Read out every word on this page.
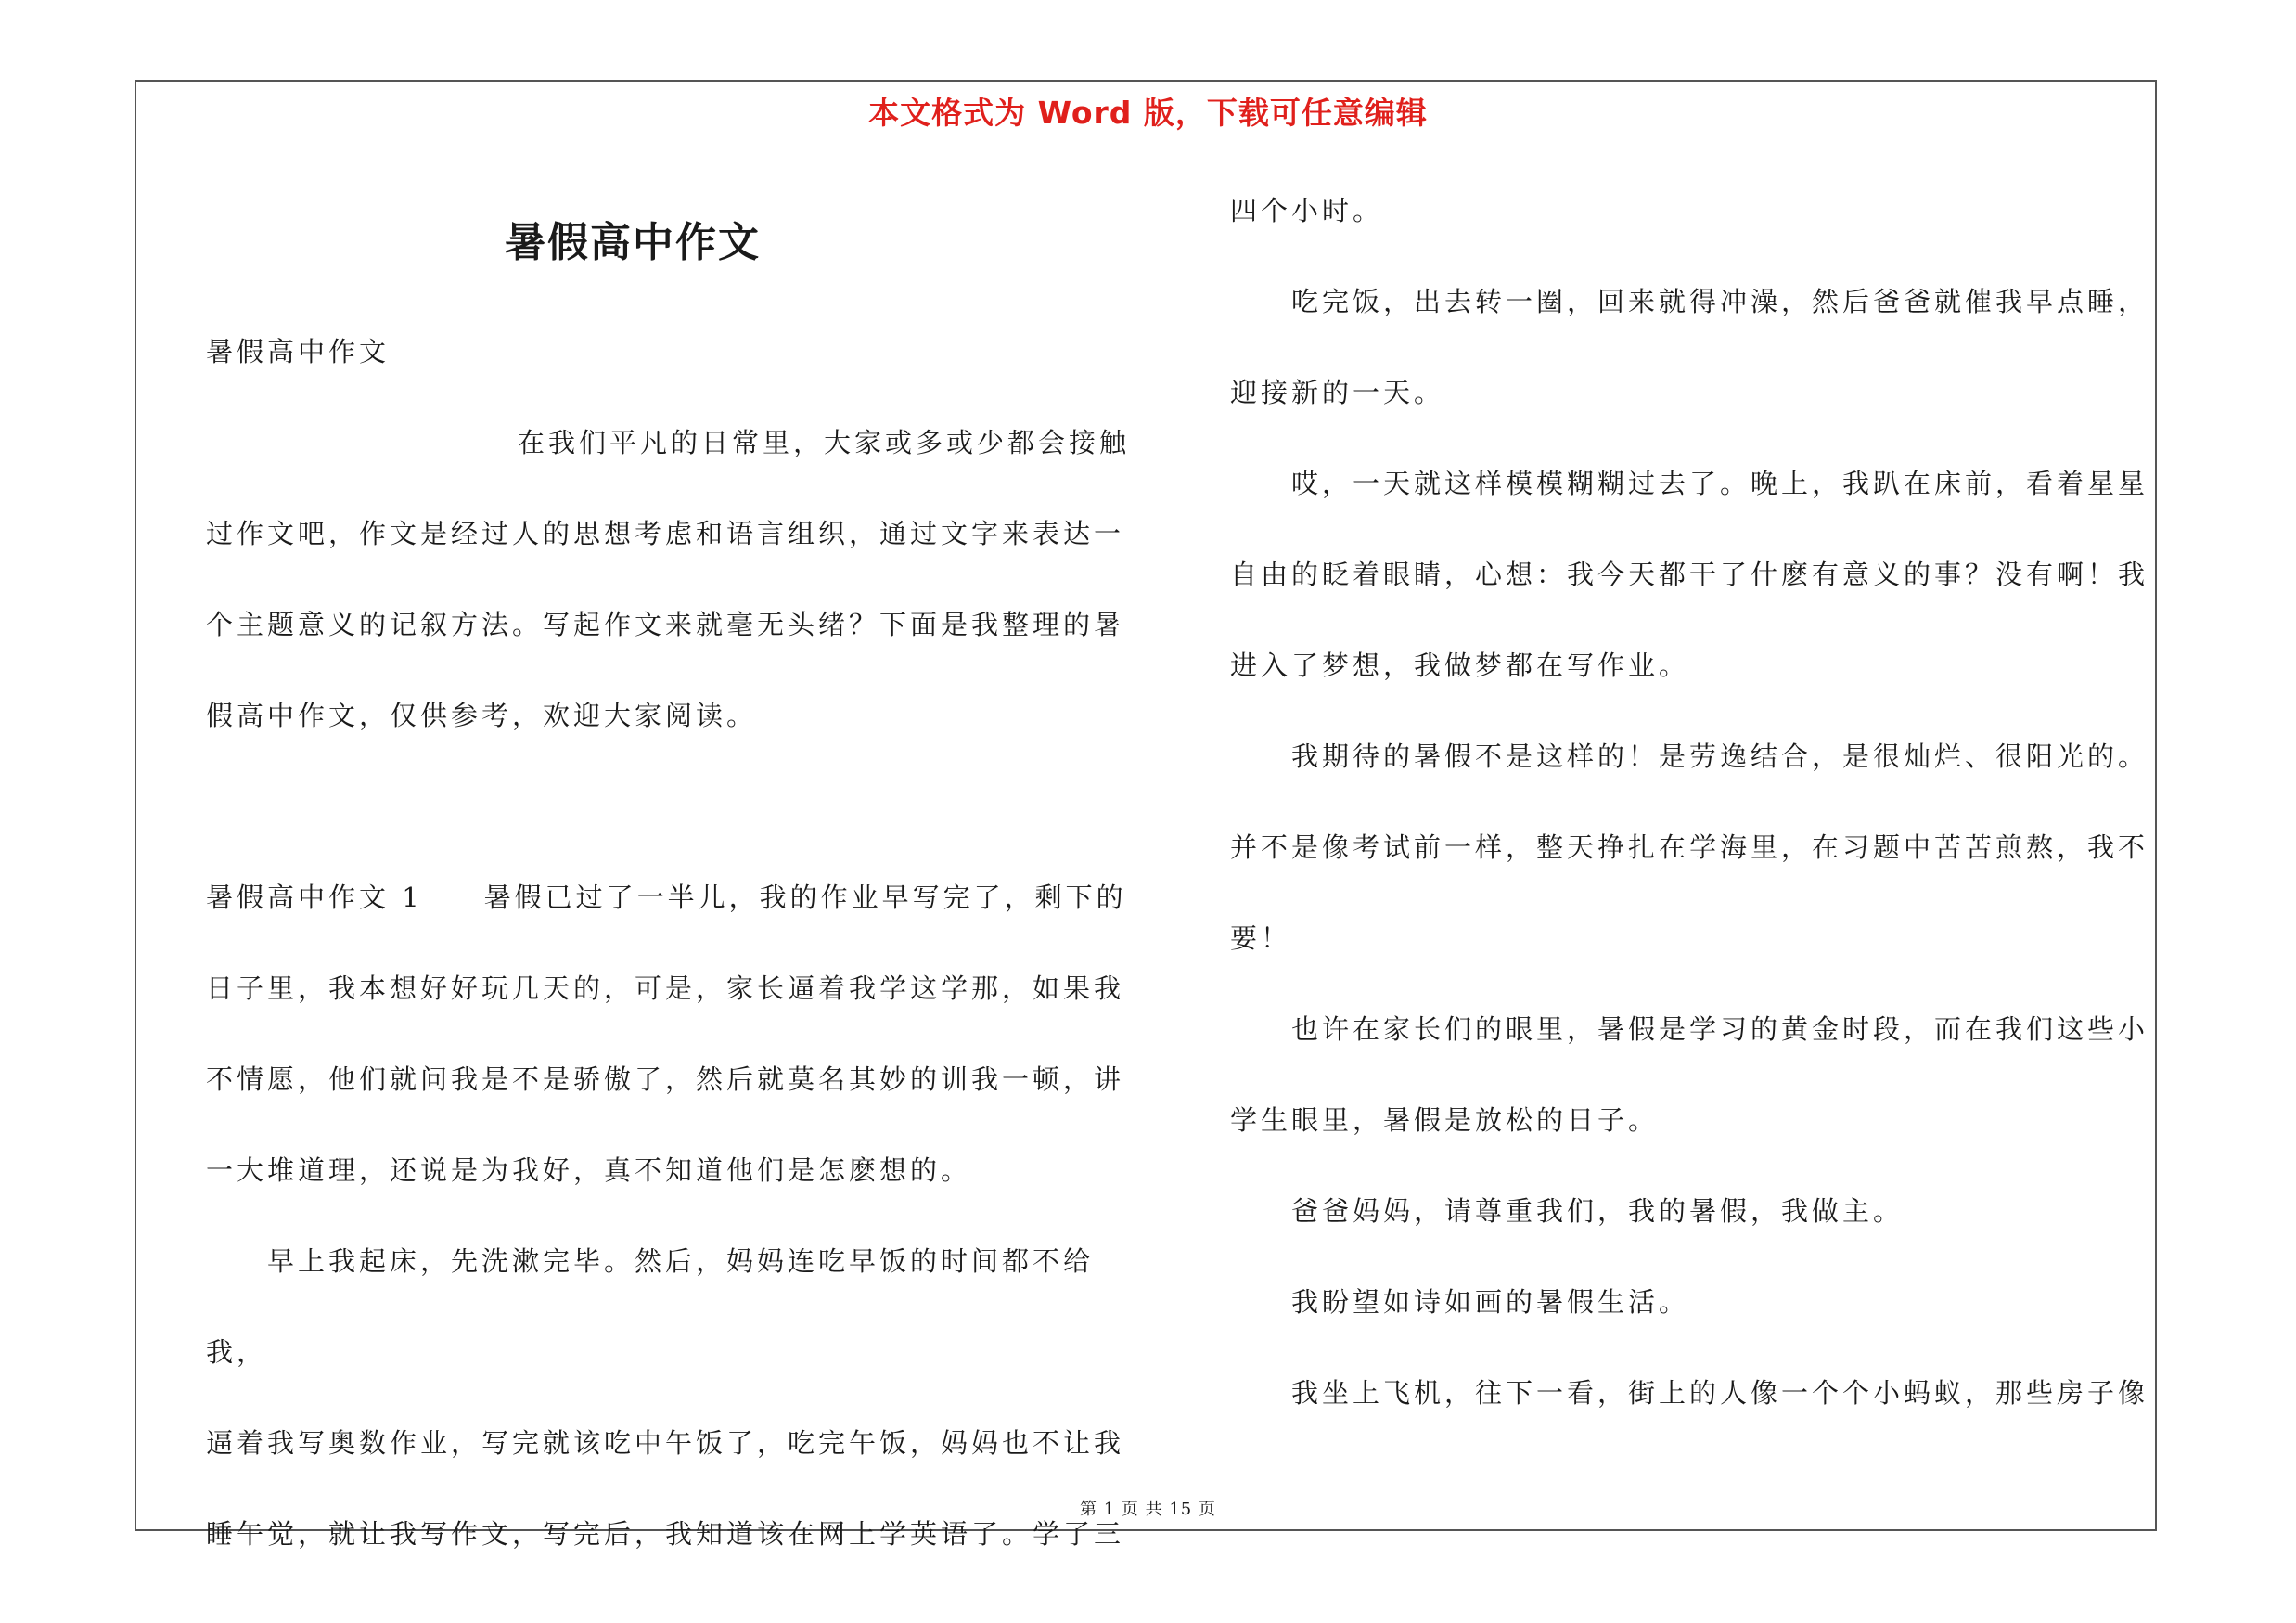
本文格式为 Word 版，下载可任意编辑
暑假高中作文

暑假高中作文

在我们平凡的日常里，大家或多或少都会接触

过作文吧，作文是经过人的思想考虑和语言组织，通过文字来表达一

个主题意义的记叙方法。写起作文来就毫无头绪？下面是我整理的暑

假高中作文，仅供参考，欢迎大家阅读。

暑假高中作文 1　　暑假已过了一半儿，我的作业早写完了，剩下的

日子里，我本想好好玩几天的，可是，家长逼着我学这学那，如果我

不情愿，他们就问我是不是骄傲了，然后就莫名其妙的训我一顿，讲

一大堆道理，还说是为我好，真不知道他们是怎麽想的。

早上我起床，先洗漱完毕。然后，妈妈连吃早饭的时间都不给我，

逼着我写奥数作业，写完就该吃中午饭了，吃完午饭，妈妈也不让我

睡午觉，就让我写作文，写完后，我知道该在网上学英语了。学了三

四个小时。

吃完饭，出去转一圈，回来就得冲澡，然后爸爸就催我早点睡，

迎接新的一天。

哎，一天就这样模模糊糊过去了。晚上，我趴在床前，看着星星

自由的眨着眼睛，心想：我今天都干了什麽有意义的事？没有啊！我

进入了梦想，我做梦都在写作业。

我期待的暑假不是这样的！是劳逸结合，是很灿烂、很阳光的。

并不是像考试前一样，整天挣扎在学海里，在习题中苦苦煎熬，我不

要！

也许在家长们的眼里，暑假是学习的黄金时段，而在我们这些小

学生眼里，暑假是放松的日子。

爸爸妈妈，请尊重我们，我的暑假，我做主。

我盼望如诗如画的暑假生活。

我坐上飞机，往下一看，街上的人像一个个小蚂蚁，那些房子像

第 1 页 共 15 页
